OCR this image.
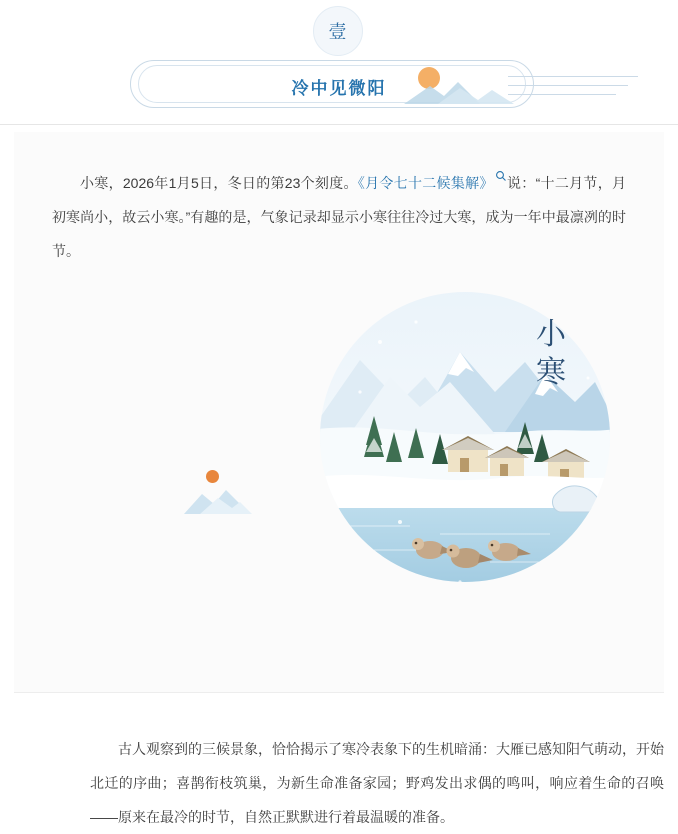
壹
冷中见微阳

小寒，2026年1月5日，冬日的第23个刻度。《月令七十二候集解》 说：“十二月节，月初寒尚小，故云小寒。”有趣的是，气象记录却显示小寒往往冷过大寒，成为一年中最凛冽的时节。

小
寒

古人观察到的三候景象，恰恰揭示了寒冷表象下的生机暗涌：大雁已感知阳气萌动，开始北迁的序曲；喜鹊衔枝筑巢，为新生命准备家园；野鸡发出求偶的鸣叫，响应着生命的召唤——原来在最冷的时节，自然正默默进行着最温暖的准备。
